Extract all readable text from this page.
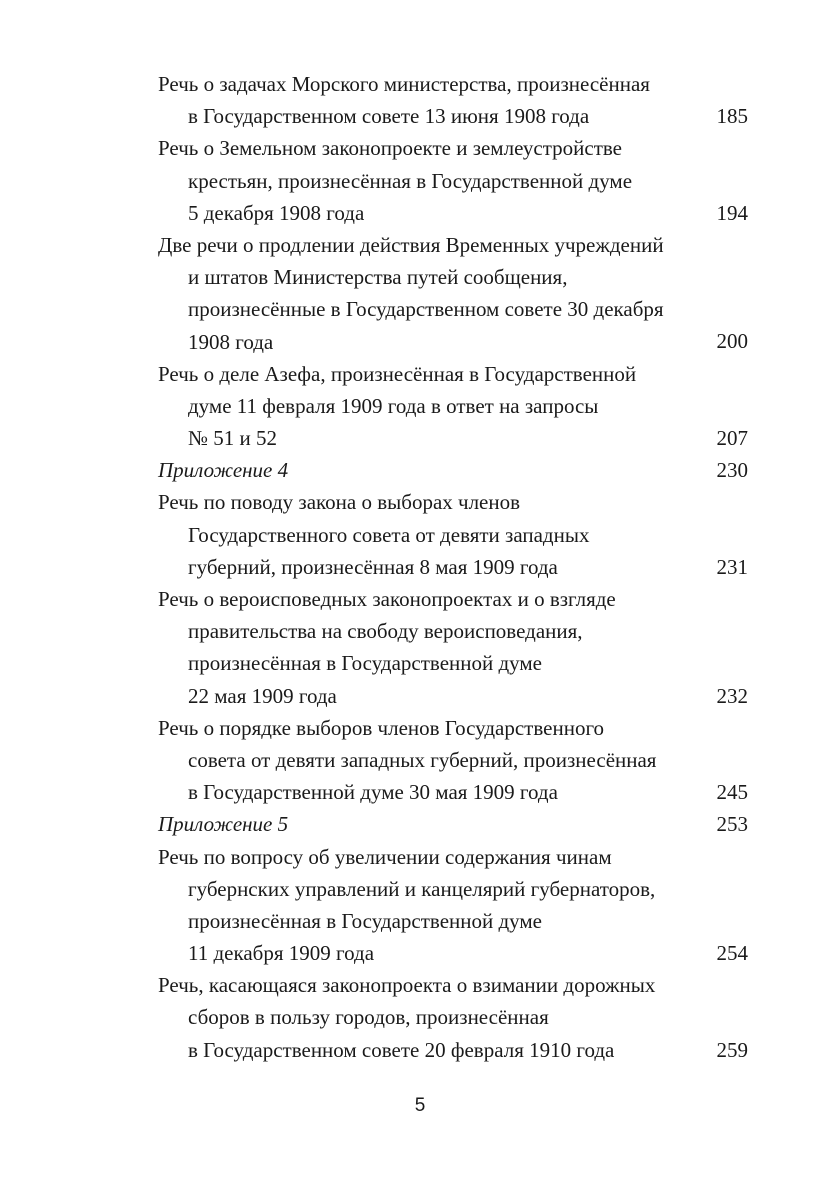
Речь о задачах Морского министерства, произнесённая
в Государственном совете 13 июня 1908 года	185
Речь о Земельном законопроекте и землеустройстве
крестьян, произнесённая в Государственной думе
5 декабря 1908 года	194
Две речи о продлении действия Временных учреждений
и штатов Министерства путей сообщения,
произнесённые в Государственном совете 30 декабря
1908 года	200
Речь о деле Азефа, произнесённая в Государственной
думе 11 февраля 1909 года в ответ на запросы
№ 51 и 52	207
Приложение 4	230
Речь по поводу закона о выборах членов
Государственного совета от девяти западных
губерний, произнесённая 8 мая 1909 года	231
Речь о вероисповедных законопроектах и о взгляде
правительства на свободу вероисповедания,
произнесённая в Государственной думе
22 мая 1909 года	232
Речь о порядке выборов членов Государственного
совета от девяти западных губерний, произнесённая
в Государственной думе 30 мая 1909 года	245
Приложение 5	253
Речь по вопросу об увеличении содержания чинам
губернских управлений и канцелярий губернаторов,
произнесённая в Государственной думе
11 декабря 1909 года	254
Речь, касающаяся законопроекта о взимании дорожных
сборов в пользу городов, произнесённая
в Государственном совете 20 февраля 1910 года	259
5
